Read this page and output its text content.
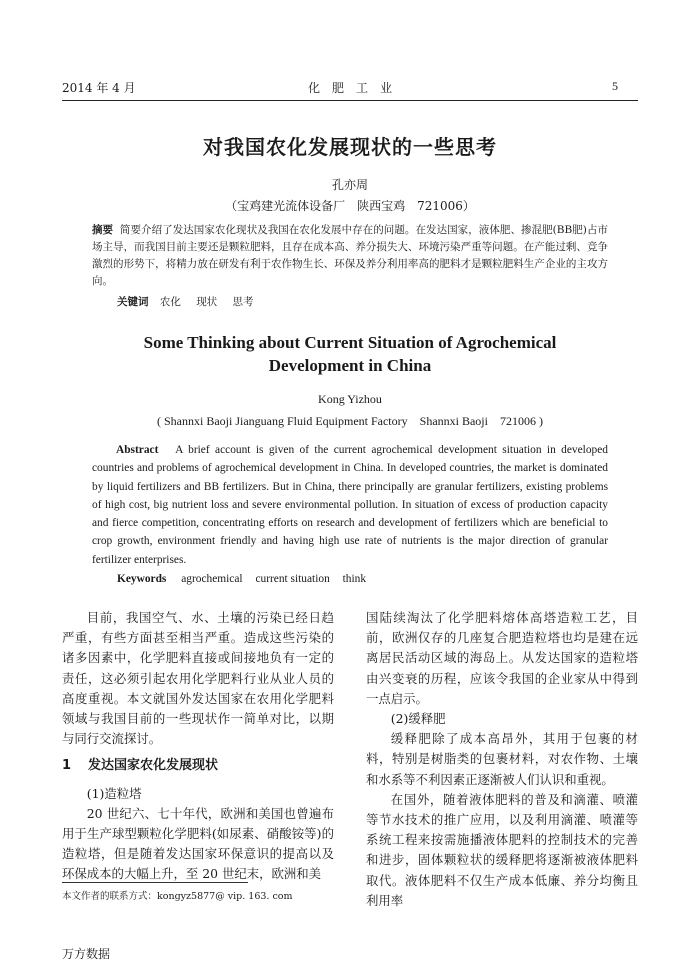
2014 年 4 月	化肥工业	5
对我国农化发展现状的一些思考
孔亦周
（宝鸡建光流体设备厂　陕西宝鸡　721006）
摘要 简要介绍了发达国家农化现状及我国在农化发展中存在的问题。在发达国家，液体肥、掺混肥(BB肥)占市场主导，而我国目前主要还是颗粒肥料，且存在成本高、养分损失大、环境污染严重等问题。在产能过剩、竞争激烈的形势下，将精力放在研发有利于农作物生长、环保及养分利用率高的肥料才是颗粒肥料生产企业的主攻方向。
关键词 农化 现状 思考
Some Thinking about Current Situation of Agrochemical Development in China
Kong Yizhou
( Shannxi Baoji Jianguang Fluid Equipment Factory　Shannxi Baoji　721006 )
Abstract A brief account is given of the current agrochemical development situation in developed countries and problems of agrochemical development in China. In developed countries, the market is dominated by liquid fertilizers and BB fertilizers. But in China, there principally are granular fertilizers, existing problems of high cost, big nutrient loss and severe environmental pollution. In situation of excess of production capacity and fierce competition, concentrating efforts on research and development of fertilizers which are beneficial to crop growth, environment friendly and having high use rate of nutrients is the major direction of granular fertilizer enterprises.
Keywords agrochemical current situation think

目前，我国空气、水、土壤的污染已经日趋严重，有些方面甚至相当严重。造成这些污染的诸多因素中，化学肥料直接或间接地负有一定的责任，这必须引起农用化学肥料行业从业人员的高度重视。本文就国外发达国家在农用化学肥料领域与我国目前的一些现状作一简单对比，以期与同行交流探讨。

1 发达国家农化发展现状
(1)造粒塔

20 世纪六、七十年代，欧洲和美国也曾遍布用于生产球型颗粒化学肥料(如尿素、硝酸铵等)的造粒塔，但是随着发达国家环保意识的提高以及环保成本的大幅上升，至 20 世纪末，欧洲和美

国陆续淘汰了化学肥料熔体高塔造粒工艺，目前，欧洲仅存的几座复合肥造粒塔也均是建在远离居民活动区域的海岛上。从发达国家的造粒塔由兴变衰的历程，应该令我国的企业家从中得到一点启示。
(2)缓释肥

缓释肥除了成本高昂外，其用于包裹的材料，特别是树脂类的包裹材料，对农作物、土壤和水系等不利因素正逐渐被人们认识和重视。

在国外，随着液体肥料的普及和滴灌、喷灌等节水技术的推广应用，以及利用滴灌、喷灌等系统工程来按需施播液体肥料的控制技术的完善和进步，固体颗粒状的缓释肥将逐渐被液体肥料取代。液体肥料不仅生产成本低廉、养分均衡且利用率

本文作者的联系方式：kongyz5877@ vip. 163. com
万方数据
